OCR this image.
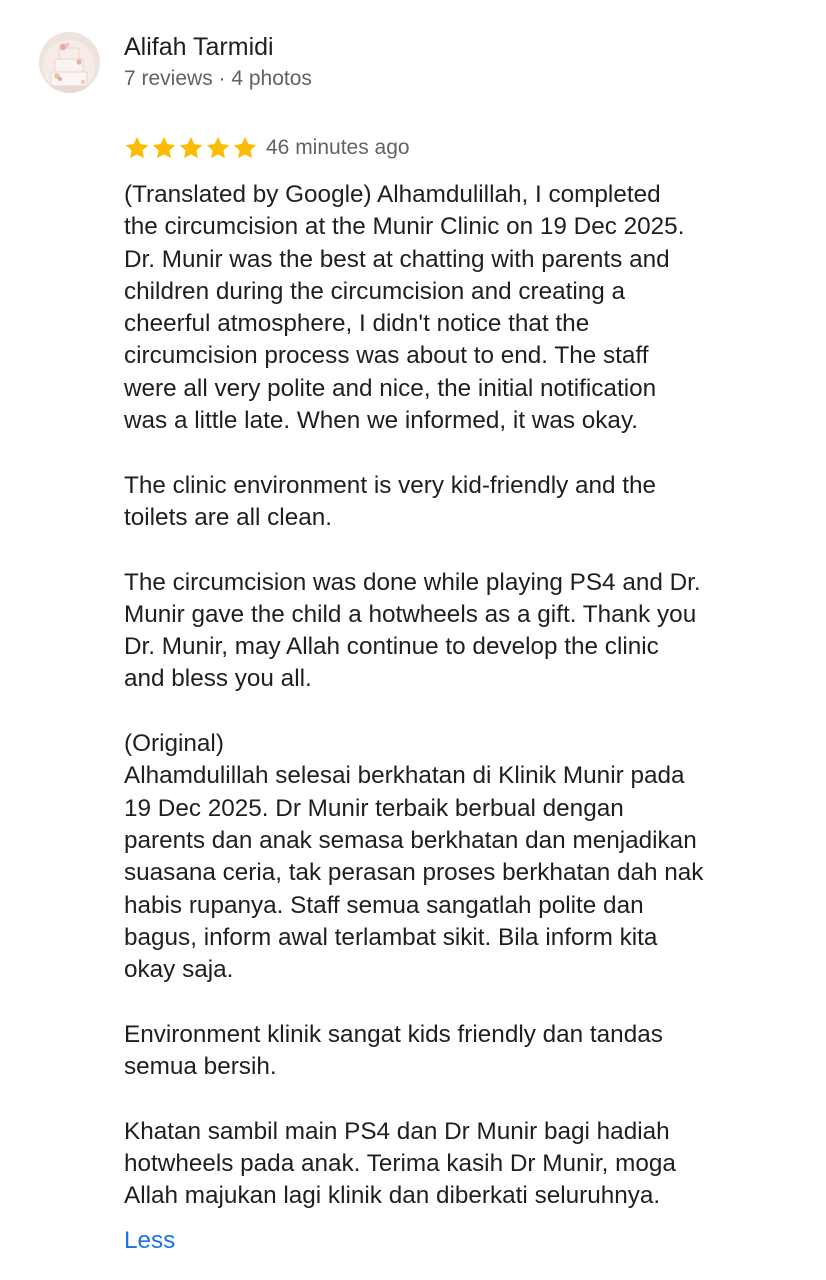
Alifah Tarmidi
7 reviews · 4 photos
46 minutes ago

(Translated by Google) Alhamdulillah, I completed
the circumcision at the Munir Clinic on 19 Dec 2025.
Dr. Munir was the best at chatting with parents and
children during the circumcision and creating a
cheerful atmosphere, I didn't notice that the
circumcision process was about to end. The staff
were all very polite and nice, the initial notification
was a little late. When we informed, it was okay.

The clinic environment is very kid-friendly and the
toilets are all clean.

The circumcision was done while playing PS4 and Dr.
Munir gave the child a hotwheels as a gift. Thank you
Dr. Munir, may Allah continue to develop the clinic
and bless you all.

(Original)
Alhamdulillah selesai berkhatan di Klinik Munir pada
19 Dec 2025. Dr Munir terbaik berbual dengan
parents dan anak semasa berkhatan dan menjadikan
suasana ceria, tak perasan proses berkhatan dah nak
habis rupanya. Staff semua sangatlah polite dan
bagus, inform awal terlambat sikit. Bila inform kita
okay saja.

Environment klinik sangat kids friendly dan tandas
semua bersih.

Khatan sambil main PS4 dan Dr Munir bagi hadiah
hotwheels pada anak. Terima kasih Dr Munir, moga
Allah majukan lagi klinik dan diberkati seluruhnya.

Less
